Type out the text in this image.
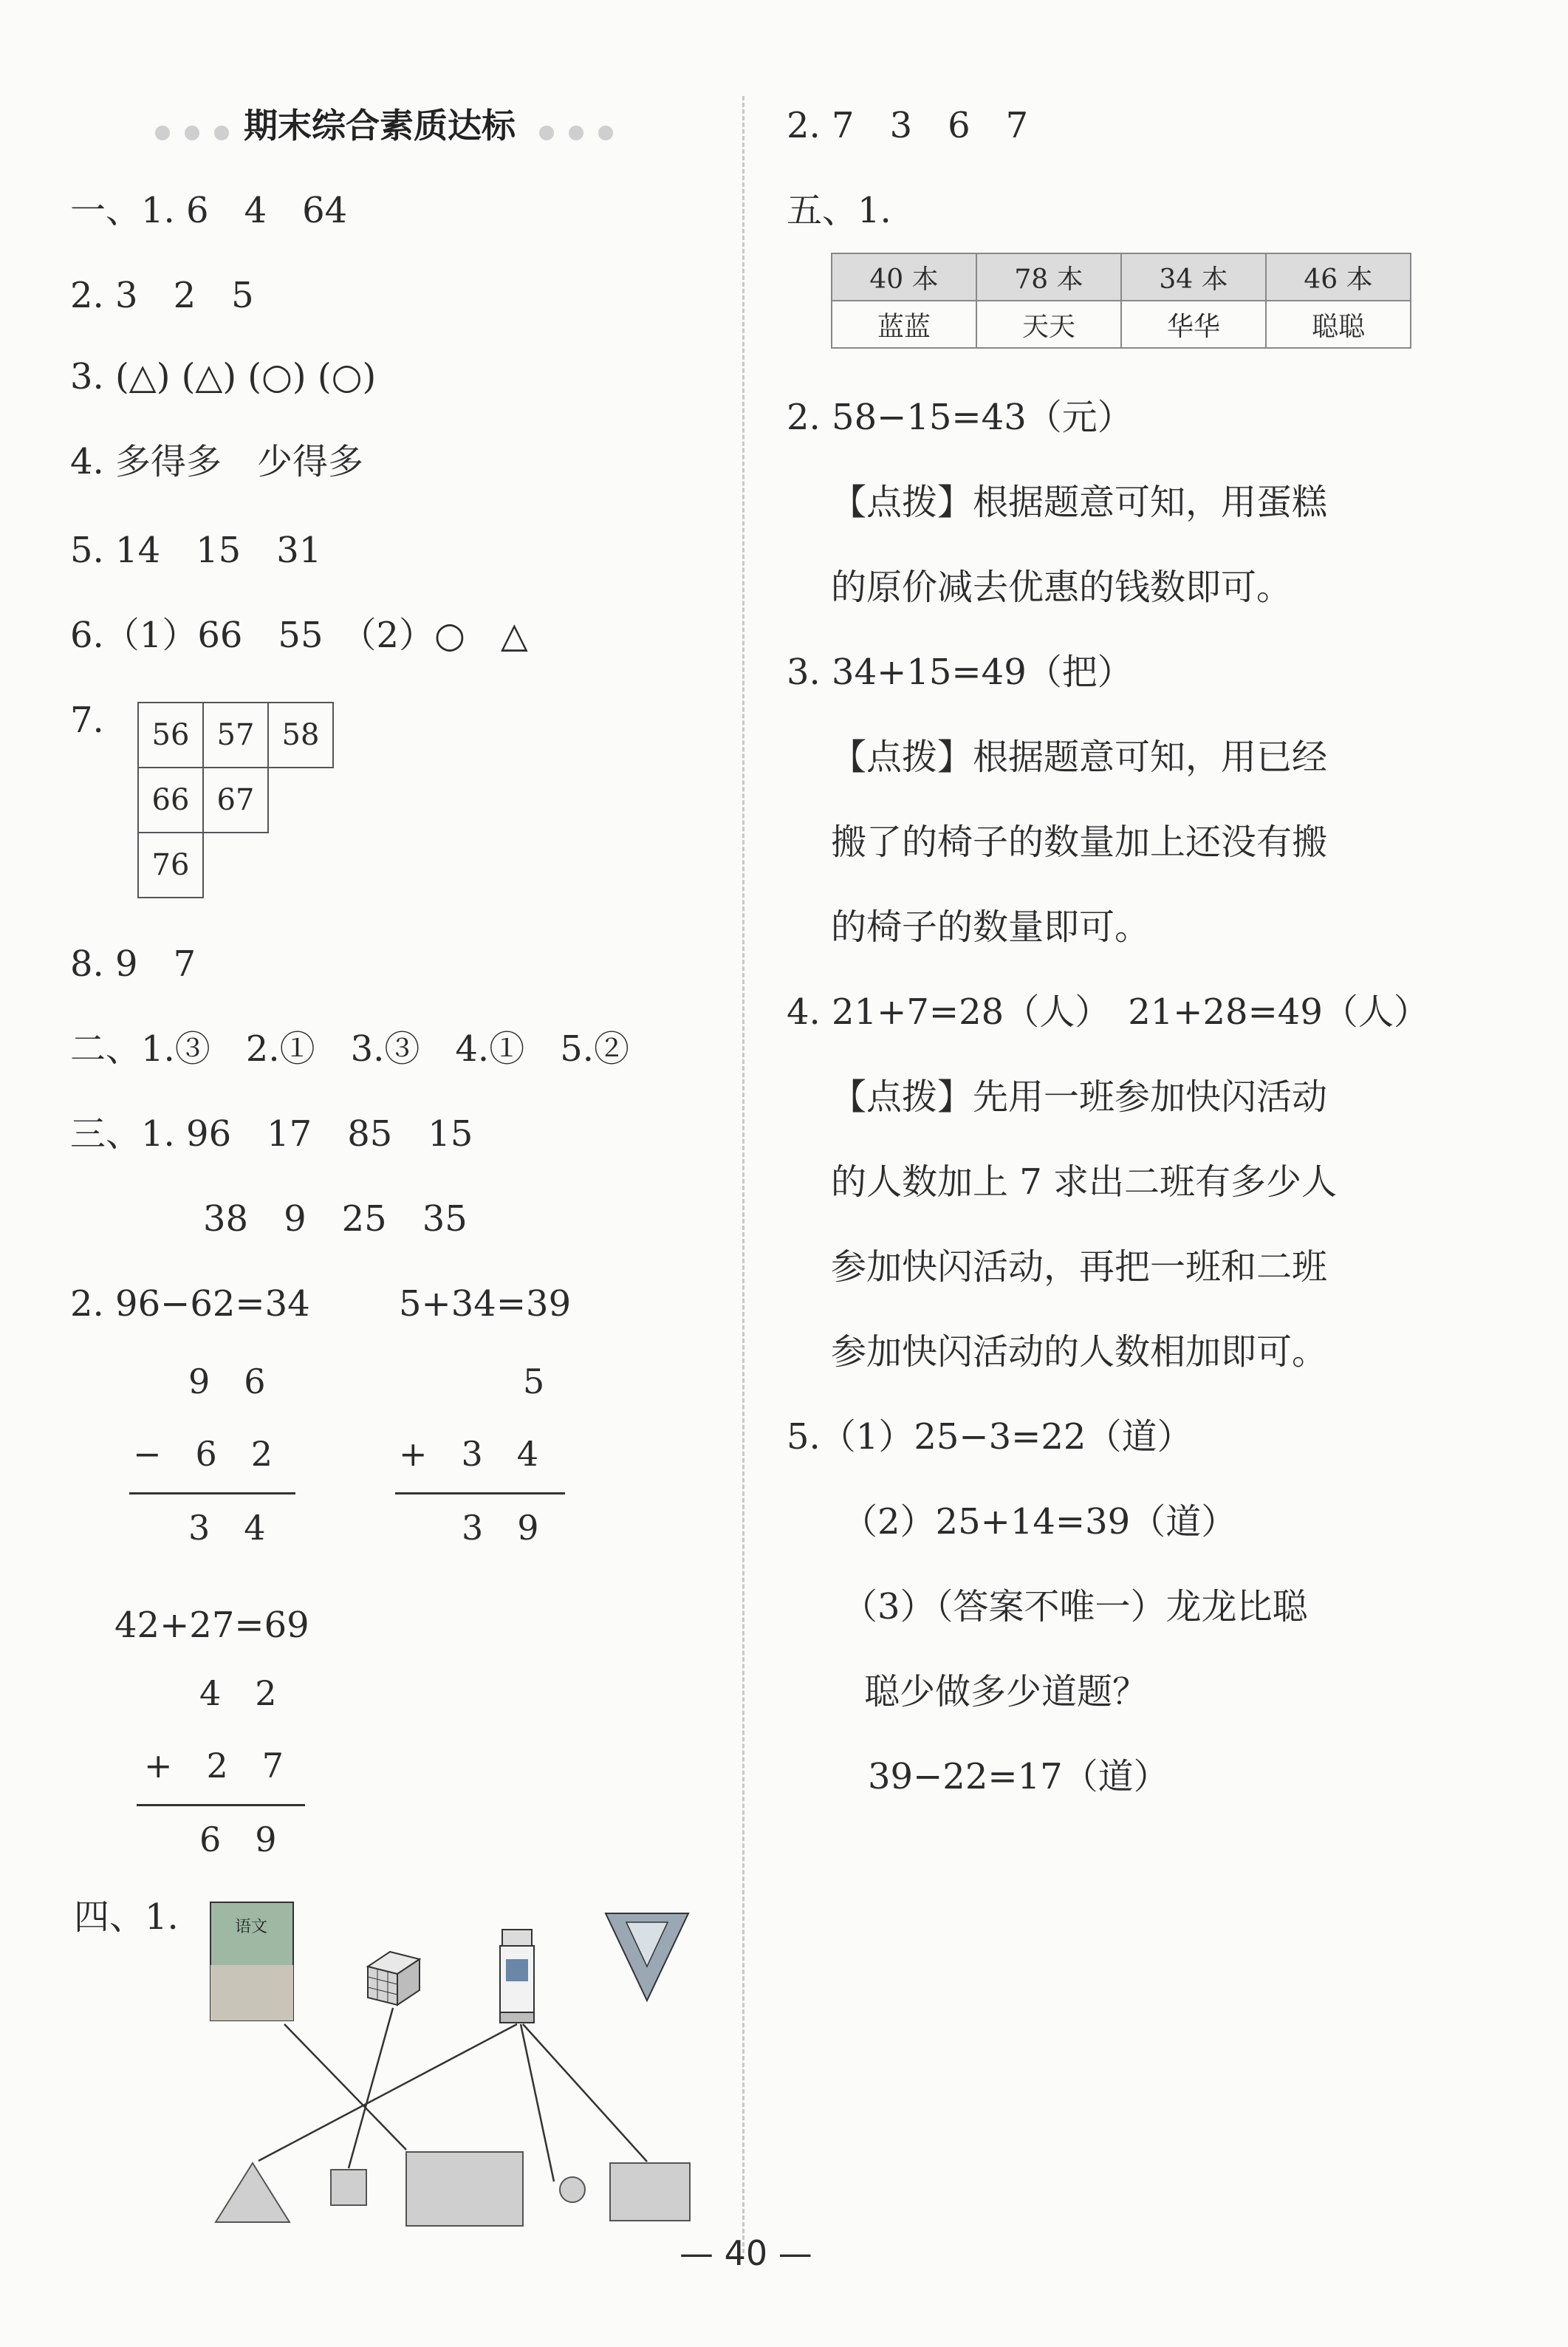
期末综合素质达标
一、1. 6　4　64
2. 3　2　5
3. (△) (△) (○) (○)
4. 多得多　少得多
5. 14　15　31
6.（1）66　55　（2）○　△
7. 56	57	58
66	67	
76		
8. 9　7
二、1.③　2.①　3.③　4.①　5.②
三、1. 96　17　85　15
38　9　25　35
2. 96−62=34	5+34=39
9　6
−　6　2
3　4
5
+　3　4
3　9
42+27=69
4　2
+　2　7
6　9
四、1.	语文
2. 7　3　6　7
五、1.
40 本	78 本	34 本	46 本
蓝蓝	天天	华华	聪聪
2. 58−15=43（元）
【点拨】根据题意可知，用蛋糕
的原价减去优惠的钱数即可。
3. 34+15=49（把）
【点拨】根据题意可知，用已经
搬了的椅子的数量加上还没有搬
的椅子的数量即可。
4. 21+7=28（人）　21+28=49（人）
【点拨】先用一班参加快闪活动
的人数加上 7 求出二班有多少人
参加快闪活动，再把一班和二班
参加快闪活动的人数相加即可。
5.（1）25−3=22（道）
（2）25+14=39（道）
（3）（答案不唯一）龙龙比聪
聪少做多少道题？
39−22=17（道）
— 40 —
